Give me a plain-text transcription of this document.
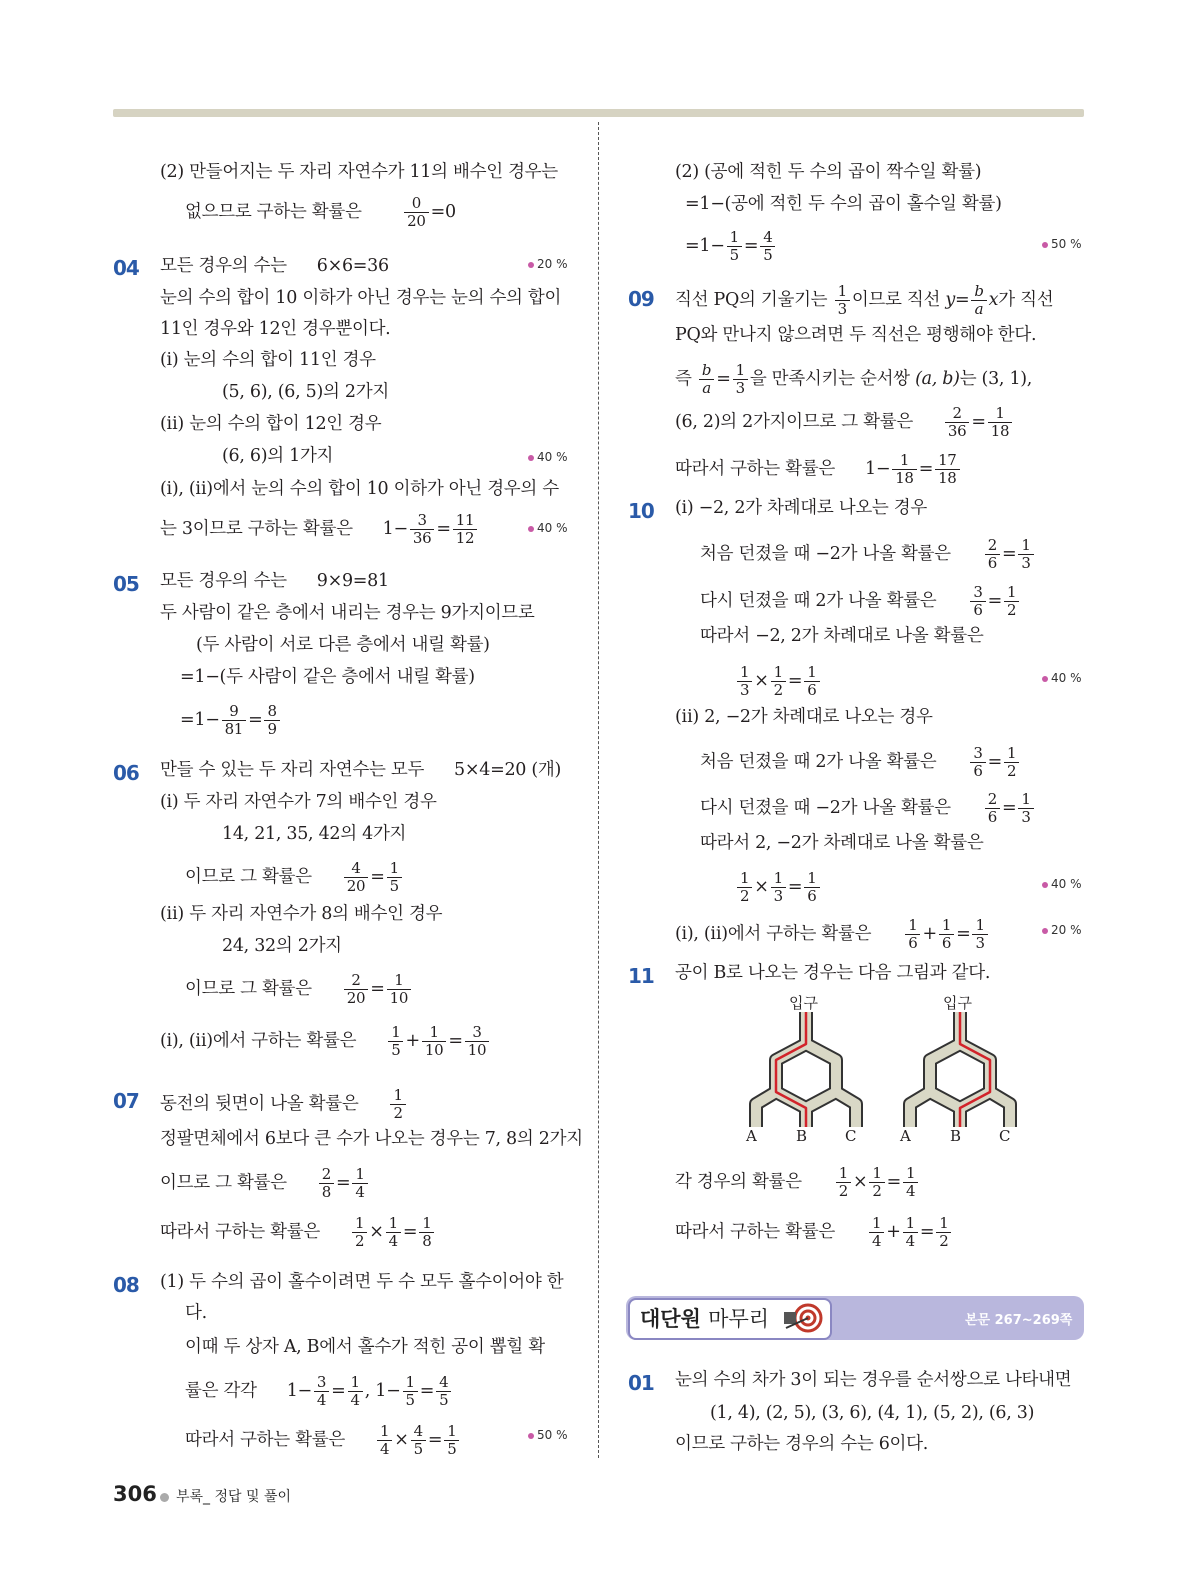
(2) 만들어지는 두 자리 자연수가 11의 배수인 경우는
없으므로 구하는 확률은	$\frac{0}{20} =0$
04 모든 경우의 수는 6×6=36	20 %
눈의 수의 합이 10 이하가 아닌 경우는 눈의 수의 합이
11인 경우와 12인 경우뿐이다.
(ⅰ) 눈의 수의 합이 11인 경우
(5, 6), (6, 5)의 2가지
(ⅱ) 눈의 수의 합이 12인 경우
(6, 6)의 1가지	40 %
(ⅰ), (ⅱ)에서 눈의 수의 합이 10 이하가 아닌 경우의 수
는 3이므로 구하는 확률은 $1- \frac{3}{36} = \frac{11}{12}$	40 %
05 모든 경우의 수는 9×9=81
두 사람이 같은 층에서 내리는 경우는 9가지이므로
(두 사람이 서로 다른 층에서 내릴 확률)
=1−(두 사람이 같은 층에서 내릴 확률)
$=1- \frac{9}{81} = \frac{8}{9}$
06 만들 수 있는 두 자리 자연수는 모두 5×4=20 (개)
(ⅰ) 두 자리 자연수가 7의 배수인 경우
14, 21, 35, 42의 4가지
이므로 그 확률은 $\frac{4}{20} = \frac{1}{5}$
(ⅱ) 두 자리 자연수가 8의 배수인 경우
24, 32의 2가지
이므로 그 확률은 $\frac{2}{20} = \frac{1}{10}$
(ⅰ), (ⅱ)에서 구하는 확률은 $\frac{1}{5} + \frac{1}{10} = \frac{3}{10}$
07 동전의 뒷면이 나올 확률은 $\frac{1}{2}$
정팔면체에서 6보다 큰 수가 나오는 경우는 7, 8의 2가지
이므로 그 확률은 $\frac{2}{8} = \frac{1}{4}$
따라서 구하는 확률은 $\frac{1}{2} \times \frac{1}{4} = \frac{1}{8}$
08 (1) 두 수의 곱이 홀수이려면 두 수 모두 홀수이어야 한
다.
이때 두 상자 A, B에서 홀수가 적힌 공이 뽑힐 확
률은 각각 $1- \frac{3}{4} = \frac{1}{4}$ , $1- \frac{1}{5} = \frac{4}{5}$
따라서 구하는 확률은 $\frac{1}{4} \times \frac{4}{5} = \frac{1}{5}$	50 %
(2) (공에 적힌 두 수의 곱이 짝수일 확률)
=1−(공에 적힌 두 수의 곱이 홀수일 확률)
$=1- \frac{1}{5} = \frac{4}{5}$	50 %
09 직선 PQ의 기울기는 $\frac{1}{3}$ 이므로 직선 $y= \frac{b}{a}$ x가 직선
PQ와 만나지 않으려면 두 직선은 평행해야 한다.
즉 $\frac{b}{a} = \frac{1}{3}$ 을 만족시키는 순서쌍 (a, b)는 (3, 1),
(6, 2)의 2가지이므로 그 확률은 $\frac{2}{36} = \frac{1}{18}$
따라서 구하는 확률은 $1- \frac{1}{18} = \frac{17}{18}$
10 (ⅰ) −2, 2가 차례대로 나오는 경우
처음 던졌을 때 −2가 나올 확률은 $\frac{2}{6} = \frac{1}{3}$
다시 던졌을 때 2가 나올 확률은 $\frac{3}{6} = \frac{1}{2}$
따라서 −2, 2가 차례대로 나올 확률은
$\frac{1}{3} \times \frac{1}{2} = \frac{1}{6}$	40 %
(ⅱ) 2, −2가 차례대로 나오는 경우
처음 던졌을 때 2가 나올 확률은 $\frac{3}{6} = \frac{1}{2}$
다시 던졌을 때 −2가 나올 확률은 $\frac{2}{6} = \frac{1}{3}$
따라서 2, −2가 차례대로 나올 확률은
$\frac{1}{2} \times \frac{1}{3} = \frac{1}{6}$	40 %
(ⅰ), (ⅱ)에서 구하는 확률은 $\frac{1}{6} + \frac{1}{6} = \frac{1}{3}$	20 %
11 공이 B로 나오는 경우는 다음 그림과 같다.
입구	입구
A	B	C	A	B	C
각 경우의 확률은 $\frac{1}{2} \times \frac{1}{2} = \frac{1}{4}$
따라서 구하는 확률은 $\frac{1}{4} + \frac{1}{4} = \frac{1}{2}$
대단원 마무리	본문 267~269쪽
01 눈의 수의 차가 3이 되는 경우를 순서쌍으로 나타내면
(1, 4), (2, 5), (3, 6), (4, 1), (5, 2), (6, 3)
이므로 구하는 경우의 수는 6이다.
306 부록_ 정답 및 풀이
